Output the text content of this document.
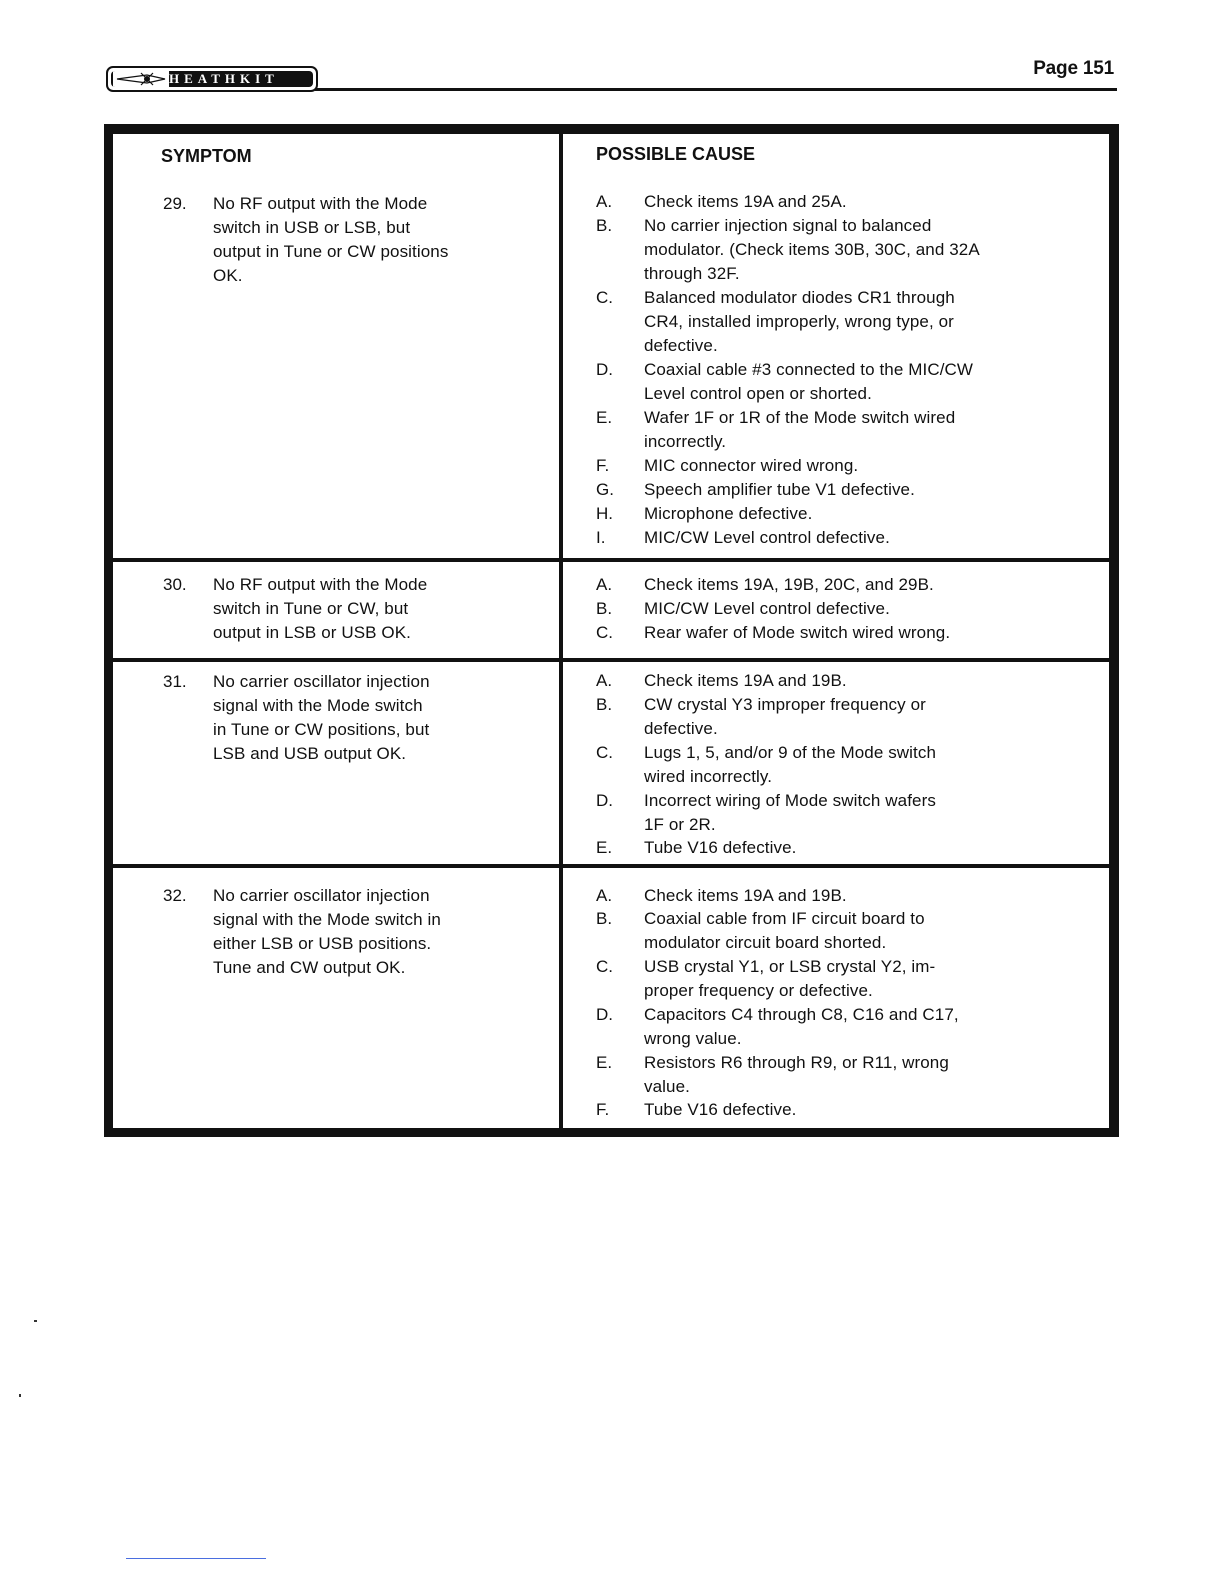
Page 151
HEATHKIT
SYMPTOM	POSSIBLE CAUSE
29. No RF output with the Mode
switch in USB or LSB, but
output in Tune or CW positions
OK.
A. Check items 19A and 25A.
B. No carrier injection signal to balanced
modulator. (Check items 30B, 30C, and 32A
through 32F.
C. Balanced modulator diodes CR1 through
CR4, installed improperly, wrong type, or
defective.
D. Coaxial cable #3 connected to the MIC/CW
Level control open or shorted.
E. Wafer 1F or 1R of the Mode switch wired
incorrectly.
F. MIC connector wired wrong.
G. Speech amplifier tube V1 defective.
H. Microphone defective.
I. MIC/CW Level control defective.
30. No RF output with the Mode
switch in Tune or CW, but
output in LSB or USB OK.
A. Check items 19A, 19B, 20C, and 29B.
B. MIC/CW Level control defective.
C. Rear wafer of Mode switch wired wrong.
31. No carrier oscillator injection
signal with the Mode switch
in Tune or CW positions, but
LSB and USB output OK.
A. Check items 19A and 19B.
B. CW crystal Y3 improper frequency or
defective.
C. Lugs 1, 5, and/or 9 of the Mode switch
wired incorrectly.
D. Incorrect wiring of Mode switch wafers
1F or 2R.
E. Tube V16 defective.
32. No carrier oscillator injection
signal with the Mode switch in
either LSB or USB positions.
Tune and CW output OK.
A. Check items 19A and 19B.
B. Coaxial cable from IF circuit board to
modulator circuit board shorted.
C. USB crystal Y1, or LSB crystal Y2, im-
proper frequency or defective.
D. Capacitors C4 through C8, C16 and C17,
wrong value.
E. Resistors R6 through R9, or R11, wrong
value.
F. Tube V16 defective.
